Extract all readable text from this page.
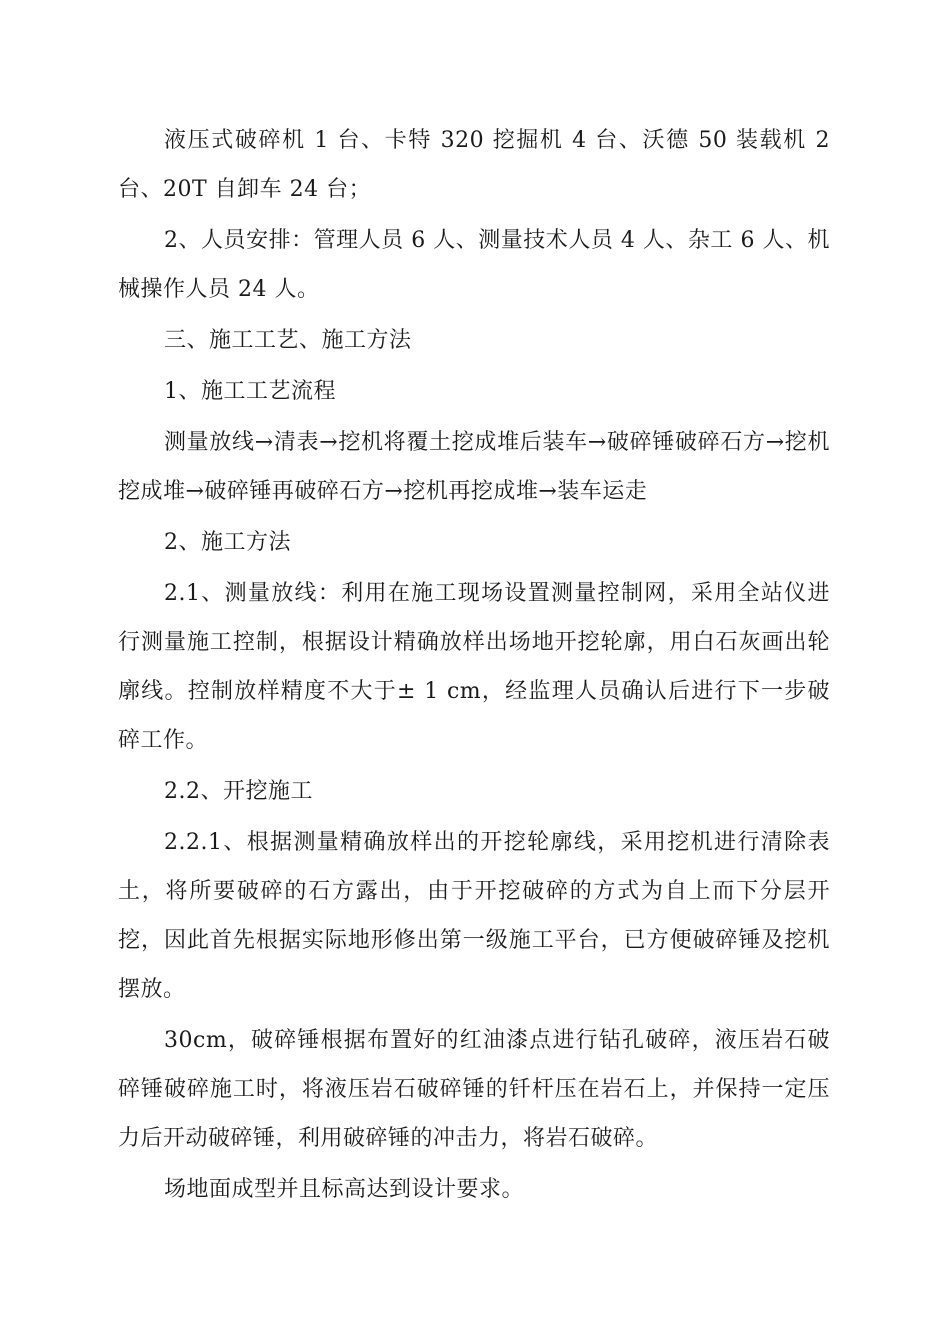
液压式破碎机 1 台、卡特 320 挖掘机 4 台、沃德 50 装载机 2 台、20T 自卸车 24 台；

2、人员安排：管理人员 6 人、测量技术人员 4 人、杂工 6 人、机械操作人员 24 人。

三、施工工艺、施工方法

1、施工工艺流程

测量放线→清表→挖机将覆土挖成堆后装车→破碎锤破碎石方→挖机挖成堆→破碎锤再破碎石方→挖机再挖成堆→装车运走

2、施工方法

2.1、测量放线：利用在施工现场设置测量控制网，采用全站仪进行测量施工控制，根据设计精确放样出场地开挖轮廓，用白石灰画出轮廓线。控制放样精度不大于± 1 cm，经监理人员确认后进行下一步破碎工作。

2.2、开挖施工

2.2.1、根据测量精确放样出的开挖轮廓线，采用挖机进行清除表土，将所要破碎的石方露出，由于开挖破碎的方式为自上而下分层开挖，因此首先根据实际地形修出第一级施工平台，已方便破碎锤及挖机摆放。

30cm，破碎锤根据布置好的红油漆点进行钻孔破碎，液压岩石破碎锤破碎施工时，将液压岩石破碎锤的钎杆压在岩石上，并保持一定压力后开动破碎锤，利用破碎锤的冲击力，将岩石破碎。

场地面成型并且标高达到设计要求。
